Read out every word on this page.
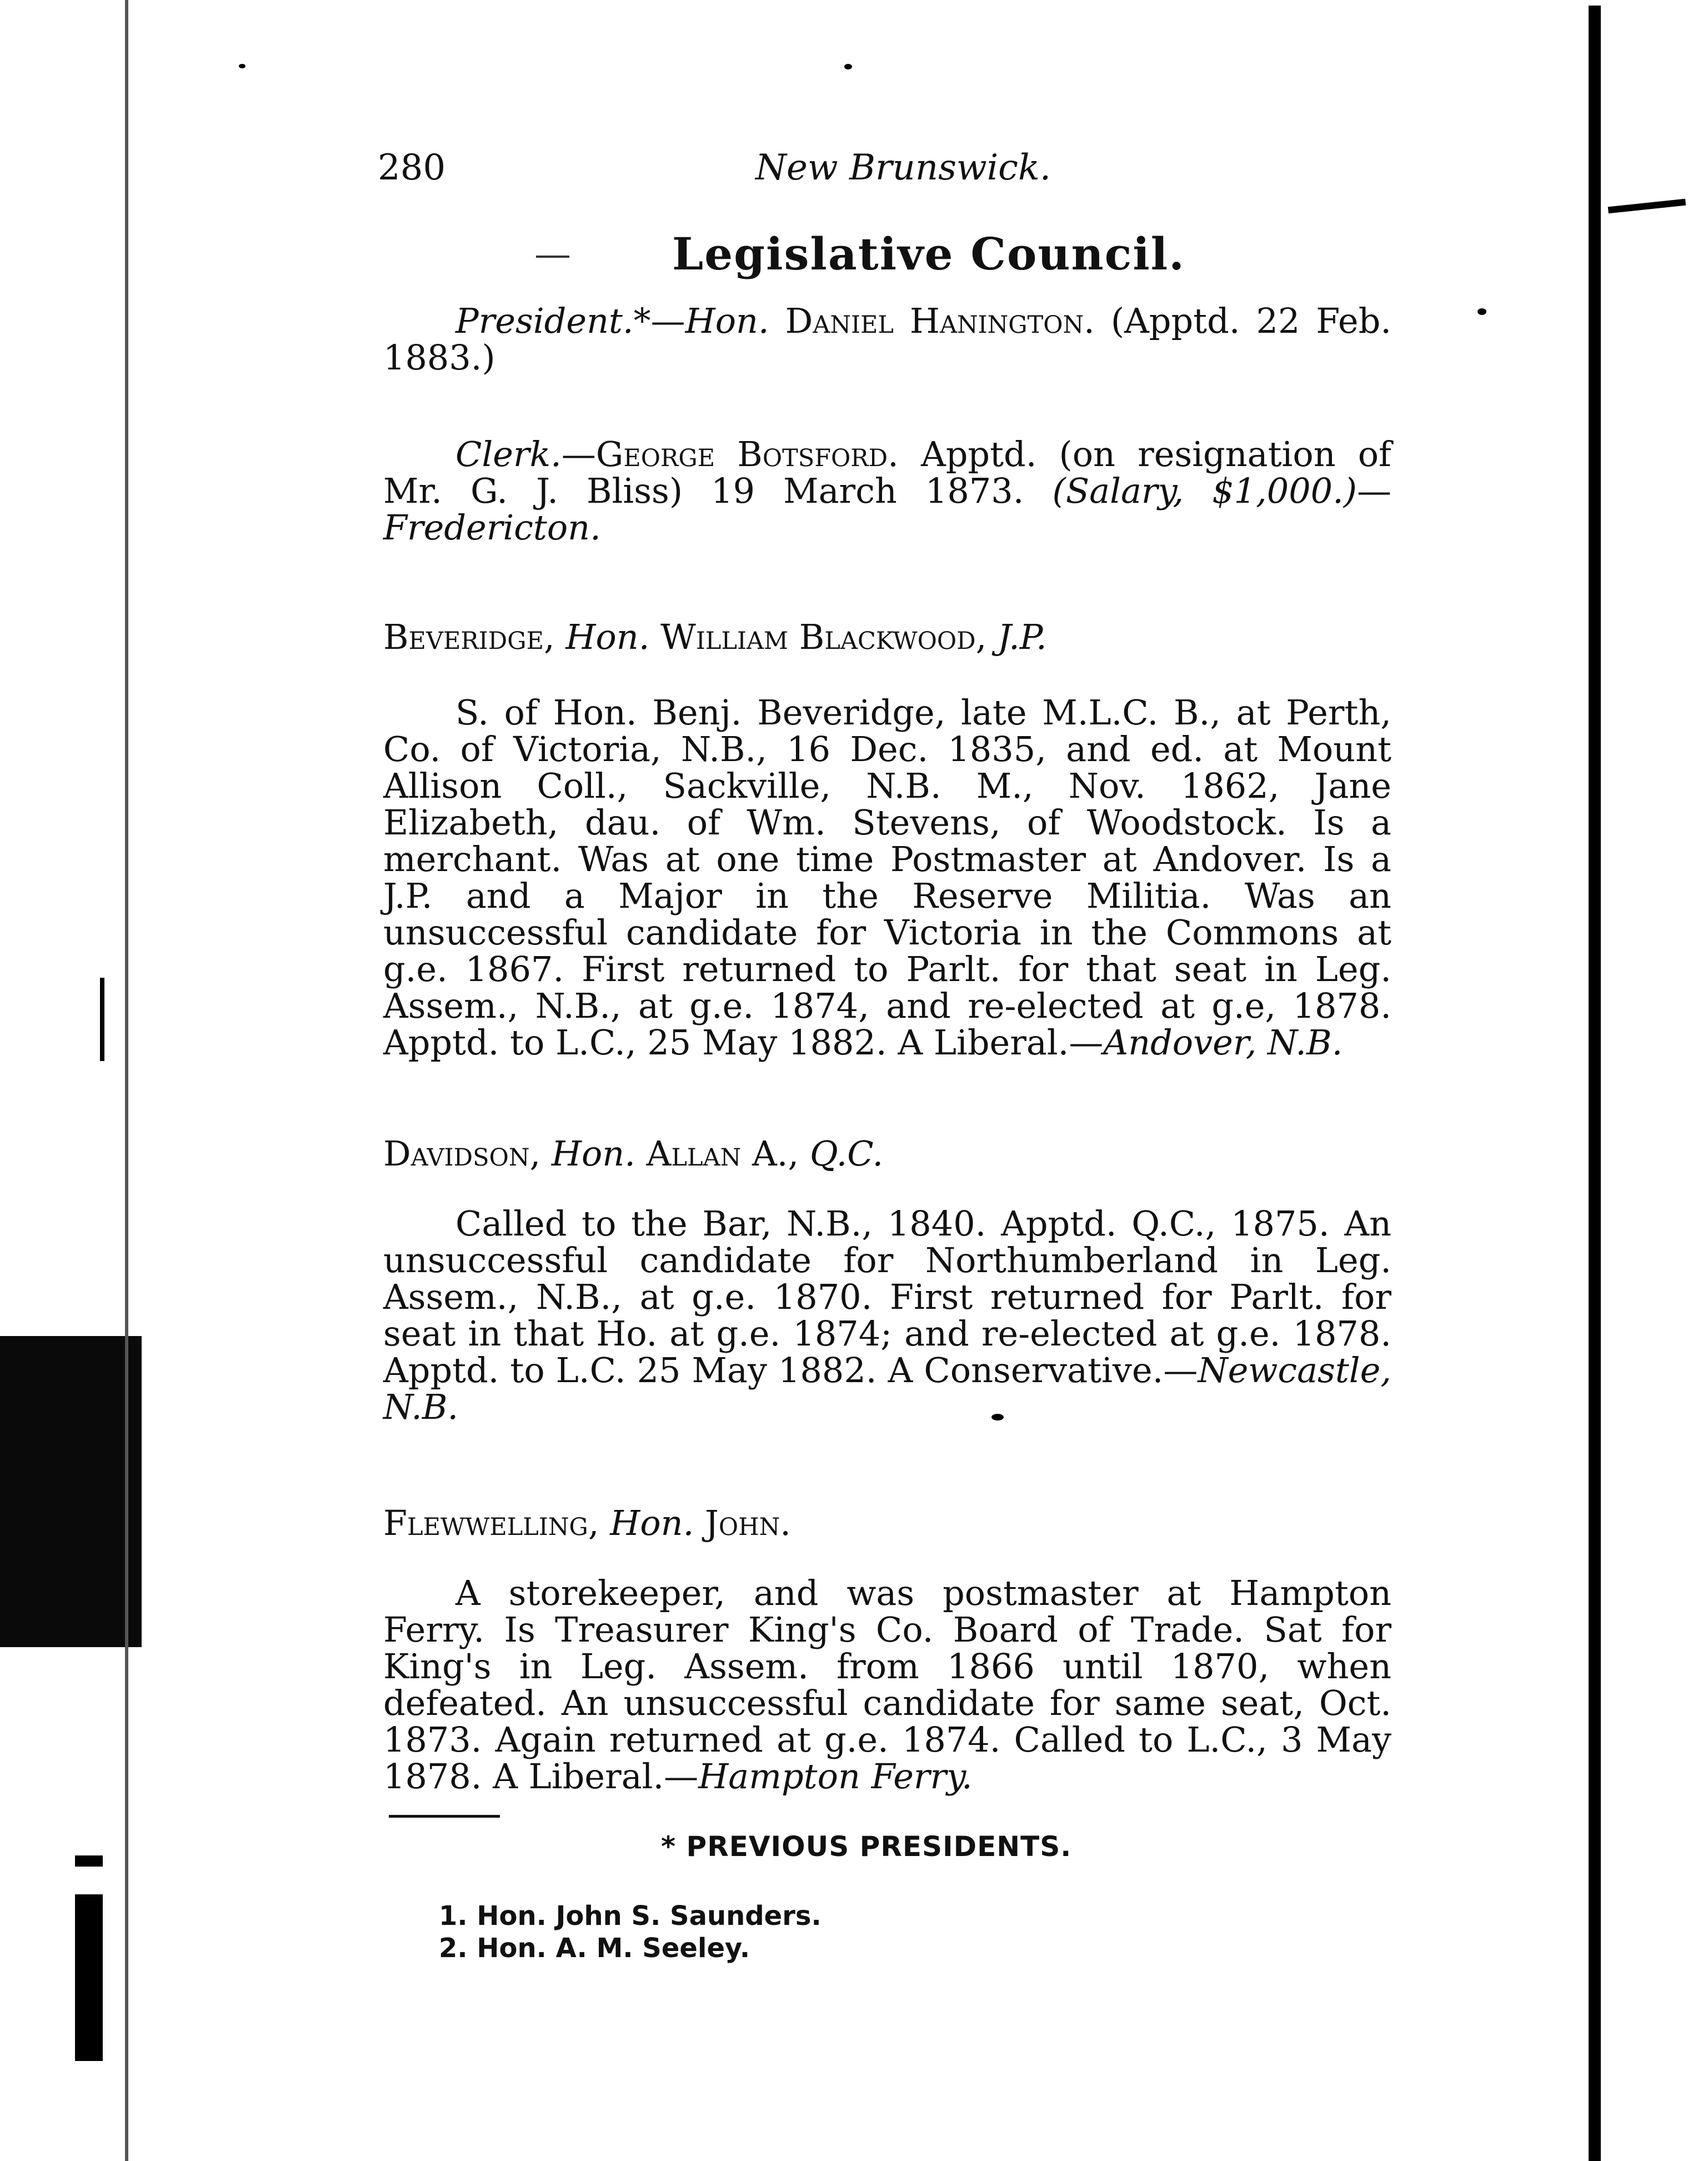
280	New Brunswick.
Legislative Council.
President.*—Hon. Daniel Hanington. (Apptd. 22 Feb. 1883.)
Clerk.—George Botsford. Apptd. (on resignation of Mr. G. J. Bliss) 19 March 1873. (Salary, $1,000.)—Fredericton.
Beveridge, Hon. William Blackwood, J.P.
S. of Hon. Benj. Beveridge, late M.L.C. B., at Perth, Co. of Victoria, N.B., 16 Dec. 1835, and ed. at Mount Allison Coll., Sackville, N.B. M., Nov. 1862, Jane Elizabeth, dau. of Wm. Stevens, of Woodstock. Is a merchant. Was at one time Postmaster at Andover. Is a J.P. and a Major in the Reserve Militia. Was an unsuccessful candidate for Victoria in the Commons at g.e. 1867. First returned to Parlt. for that seat in Leg. Assem., N.B., at g.e. 1874, and re-elected at g.e, 1878. Apptd. to L.C., 25 May 1882. A Liberal.—Andover, N.B.
Davidson, Hon. Allan A., Q.C.
Called to the Bar, N.B., 1840. Apptd. Q.C., 1875. An unsuccessful candidate for Northumberland in Leg. Assem., N.B., at g.e. 1870. First returned for Parlt. for seat in that Ho. at g.e. 1874; and re-elected at g.e. 1878. Apptd. to L.C. 25 May 1882. A Conservative.—Newcastle, N.B.
Flewwelling, Hon. John.
A storekeeper, and was postmaster at Hampton Ferry. Is Treasurer King's Co. Board of Trade. Sat for King's in Leg. Assem. from 1866 until 1870, when defeated. An unsuccessful candidate for same seat, Oct. 1873. Again returned at g.e. 1874. Called to L.C., 3 May 1878. A Liberal.—Hampton Ferry.
* PREVIOUS PRESIDENTS.
1. Hon. John S. Saunders.
2. Hon. A. M. Seeley.
